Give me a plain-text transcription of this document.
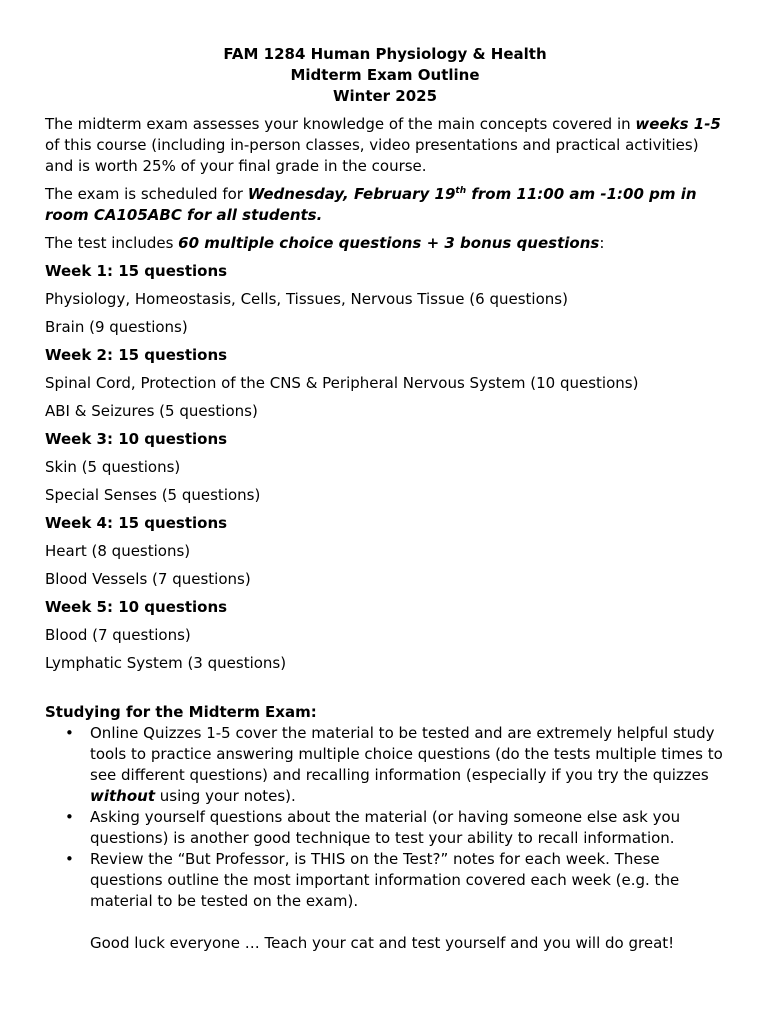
FAM 1284 Human Physiology & Health
Midterm Exam Outline
Winter 2025

The midterm exam assesses your knowledge of the main concepts covered in weeks 1-5 of this course (including in-person classes, video presentations and practical activities) and is worth 25% of your final grade in the course.

The exam is scheduled for Wednesday, February 19th from 11:00 am -1:00 pm in room CA105ABC for all students.

The test includes 60 multiple choice questions + 3 bonus questions:

Week 1: 15 questions

Physiology, Homeostasis, Cells, Tissues, Nervous Tissue (6 questions)

Brain (9 questions)

Week 2: 15 questions

Spinal Cord, Protection of the CNS & Peripheral Nervous System (10 questions)

ABI & Seizures (5 questions)

Week 3: 10 questions

Skin (5 questions)

Special Senses (5 questions)

Week 4: 15 questions

Heart (8 questions)

Blood Vessels (7 questions)

Week 5: 10 questions

Blood (7 questions)

Lymphatic System (3 questions)

Studying for the Midterm Exam:
• Online Quizzes 1-5 cover the material to be tested and are extremely helpful study tools to practice answering multiple choice questions (do the tests multiple times to see different questions) and recalling information (especially if you try the quizzes without using your notes).
• Asking yourself questions about the material (or having someone else ask you questions) is another good technique to test your ability to recall information.
• Review the “But Professor, is THIS on the Test?” notes for each week. These questions outline the most important information covered each week (e.g. the material to be tested on the exam).
Good luck everyone … Teach your cat and test yourself and you will do great!
